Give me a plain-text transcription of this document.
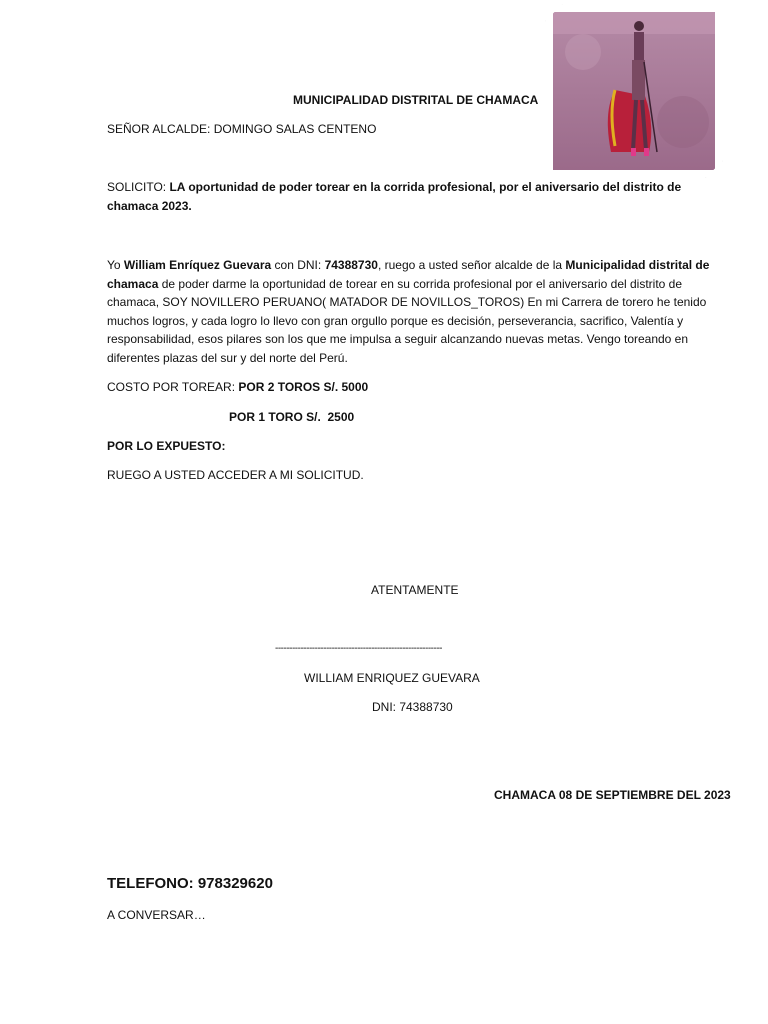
MUNICIPALIDAD DISTRITAL DE CHAMACA
SEÑOR ALCALDE: DOMINGO SALAS CENTENO
SOLICITO: LA oportunidad de poder torear en la corrida profesional, por el aniversario del distrito de chamaca 2023.
Yo William Enríquez Guevara con DNI: 74388730, ruego a usted señor alcalde de la Municipalidad distrital de chamaca de poder darme la oportunidad de torear en su corrida profesional por el aniversario del distrito de chamaca, SOY NOVILLERO PERUANO( MATADOR DE NOVILLOS_TOROS) En mi Carrera de torero he tenido muchos logros, y cada logro lo llevo con gran orgullo porque es decisión, perseverancia, sacrifico, Valentía y responsabilidad, esos pilares son los que me impulsa a seguir alcanzando nuevas metas. Vengo toreando en diferentes plazas del sur y del norte del Perú.
COSTO POR TOREAR: POR 2 TOROS S/. 5000
POR 1 TORO S/.  2500
POR LO EXPUESTO:
RUEGO A USTED ACCEDER A MI SOLICITUD.
ATENTAMENTE
-----------------------------------------------------------
WILLIAM ENRIQUEZ GUEVARA
DNI: 74388730
CHAMACA 08 DE SEPTIEMBRE DEL 2023
TELEFONO: 978329620
A CONVERSAR…
